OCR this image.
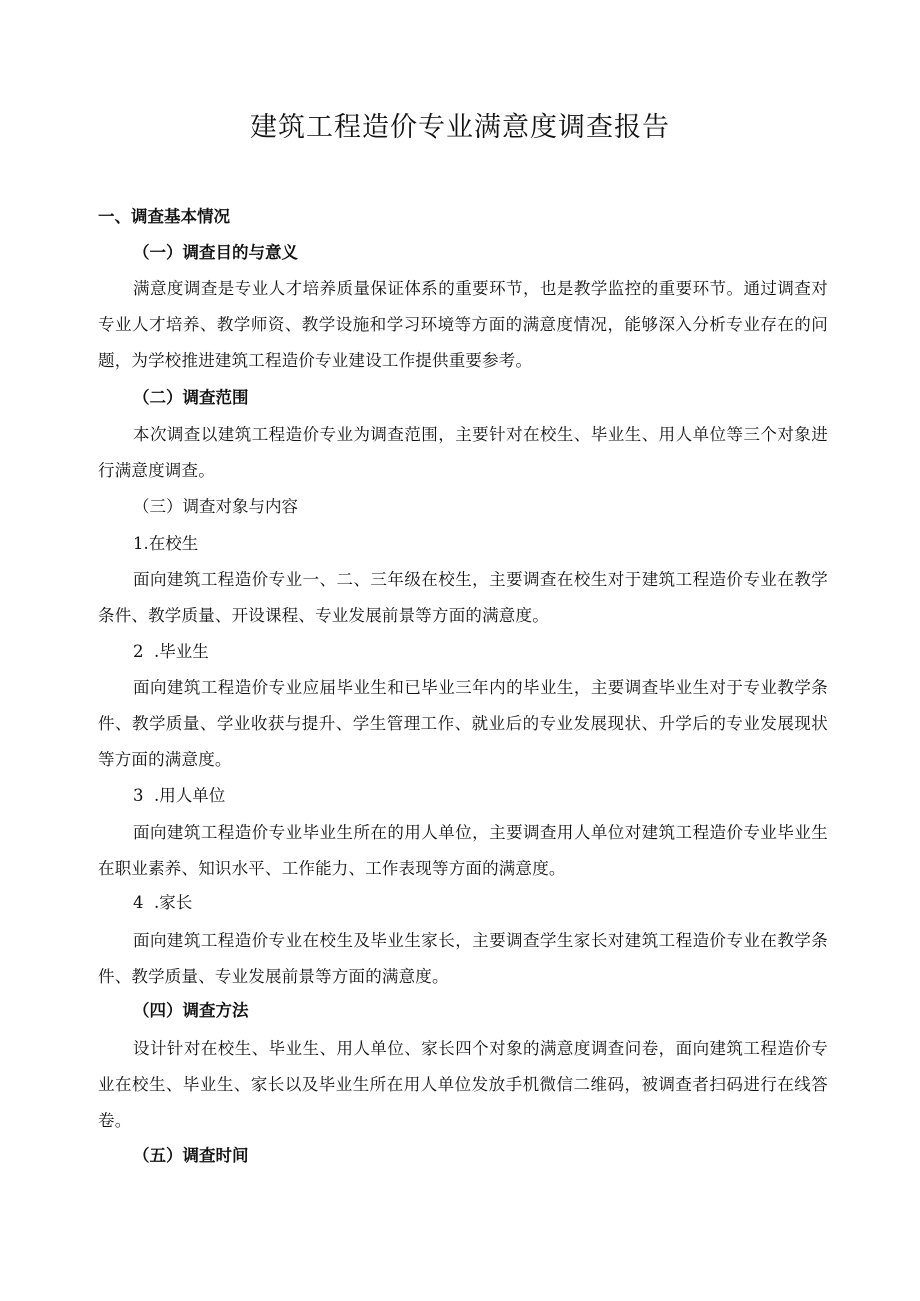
建筑工程造价专业满意度调查报告

一、调查基本情况

（一）调查目的与意义

满意度调查是专业人才培养质量保证体系的重要环节，也是教学监控的重要环节。通过调查对专业人才培养、教学师资、教学设施和学习环境等方面的满意度情况，能够深入分析专业存在的问题，为学校推进建筑工程造价专业建设工作提供重要参考。

（二）调查范围

本次调查以建筑工程造价专业为调查范围，主要针对在校生、毕业生、用人单位等三个对象进行满意度调查。

（三）调查对象与内容

1.在校生

面向建筑工程造价专业一、二、三年级在校生，主要调查在校生对于建筑工程造价专业在教学条件、教学质量、开设课程、专业发展前景等方面的满意度。

2  .毕业生

面向建筑工程造价专业应届毕业生和已毕业三年内的毕业生，主要调查毕业生对于专业教学条件、教学质量、学业收获与提升、学生管理工作、就业后的专业发展现状、升学后的专业发展现状等方面的满意度。

3  .用人单位

面向建筑工程造价专业毕业生所在的用人单位，主要调查用人单位对建筑工程造价专业毕业生在职业素养、知识水平、工作能力、工作表现等方面的满意度。

4  .家长

面向建筑工程造价专业在校生及毕业生家长，主要调查学生家长对建筑工程造价专业在教学条件、教学质量、专业发展前景等方面的满意度。

（四）调查方法

设计针对在校生、毕业生、用人单位、家长四个对象的满意度调查问卷，面向建筑工程造价专业在校生、毕业生、家长以及毕业生所在用人单位发放手机微信二维码，被调查者扫码进行在线答卷。

（五）调查时间
